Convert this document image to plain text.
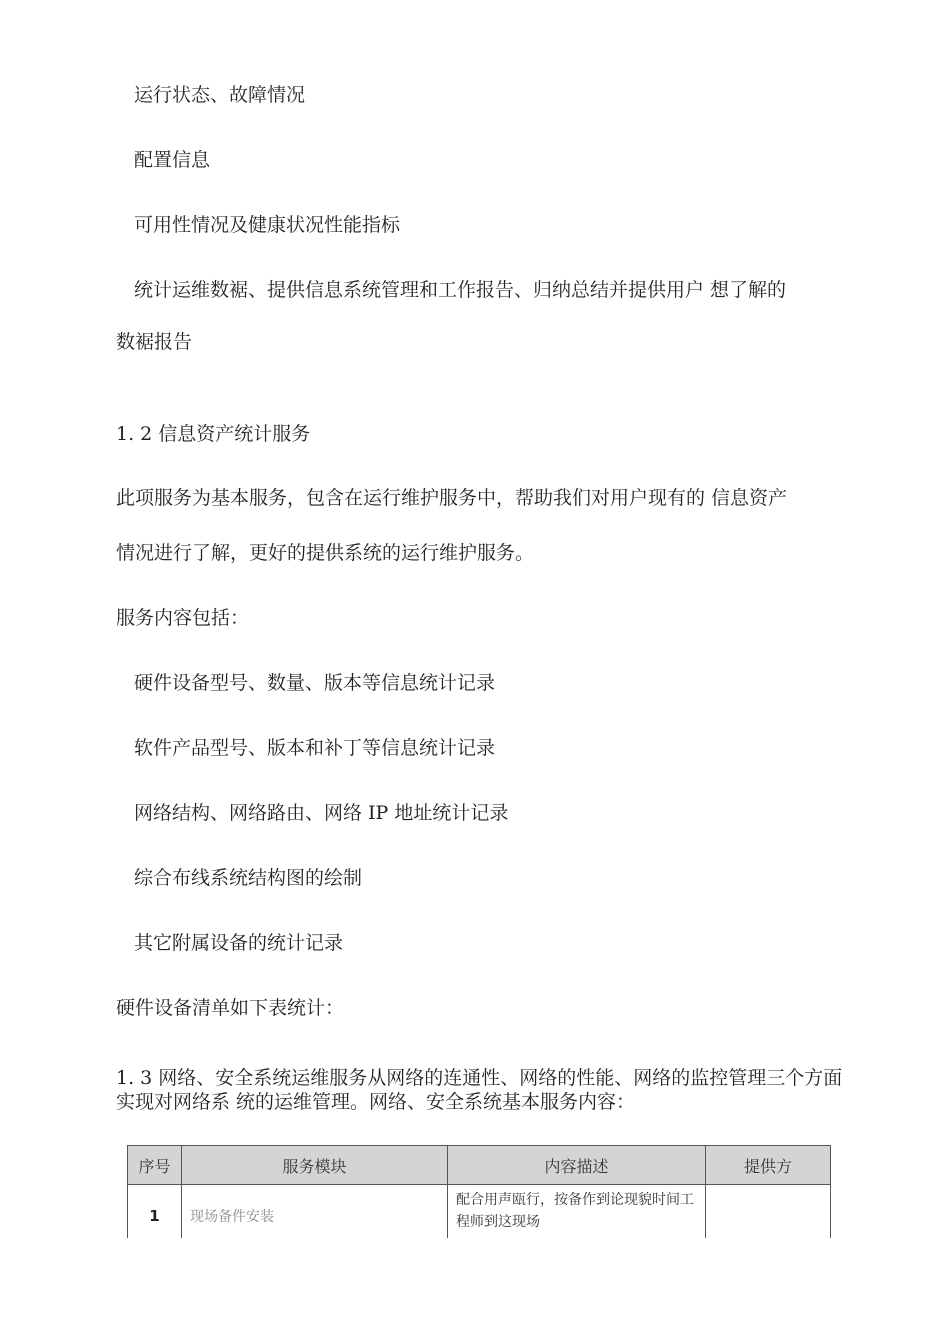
运行状态、故障情况
配置信息
可用性情况及健康状况性能指标
统计运维数裾、提供信息系统管理和工作报告、归纳总结并提供用户 想了解的
数裾报告
1. 2 信息资产统计服务
此项服务为基本服务，包含在运行维护服务中，帮助我们对用户现有的 信息资产
情况进行了解，更好的提供系统的运行维护服务。
服务内容包括：
硬件设备型号、数量、版本等信息统计记录
软件产品型号、版本和补丁等信息统计记录
网络结构、网络路由、网络 IP 地址统计记录
综合布线系统结构图的绘制
其它附属设备的统计记录
硬件设备清单如下表统计：
1. 3 网络、安全系统运维服务从网络的连通性、网络的性能、网络的监控管理三个方面实现对网络系 统的运维管理。网络、安全系统基本服务内容：
序号	服务模块	内容描述	提供方
1	现场备件安装	配合用声瓯行，按备作到论现貌时间工程师到这现场	
